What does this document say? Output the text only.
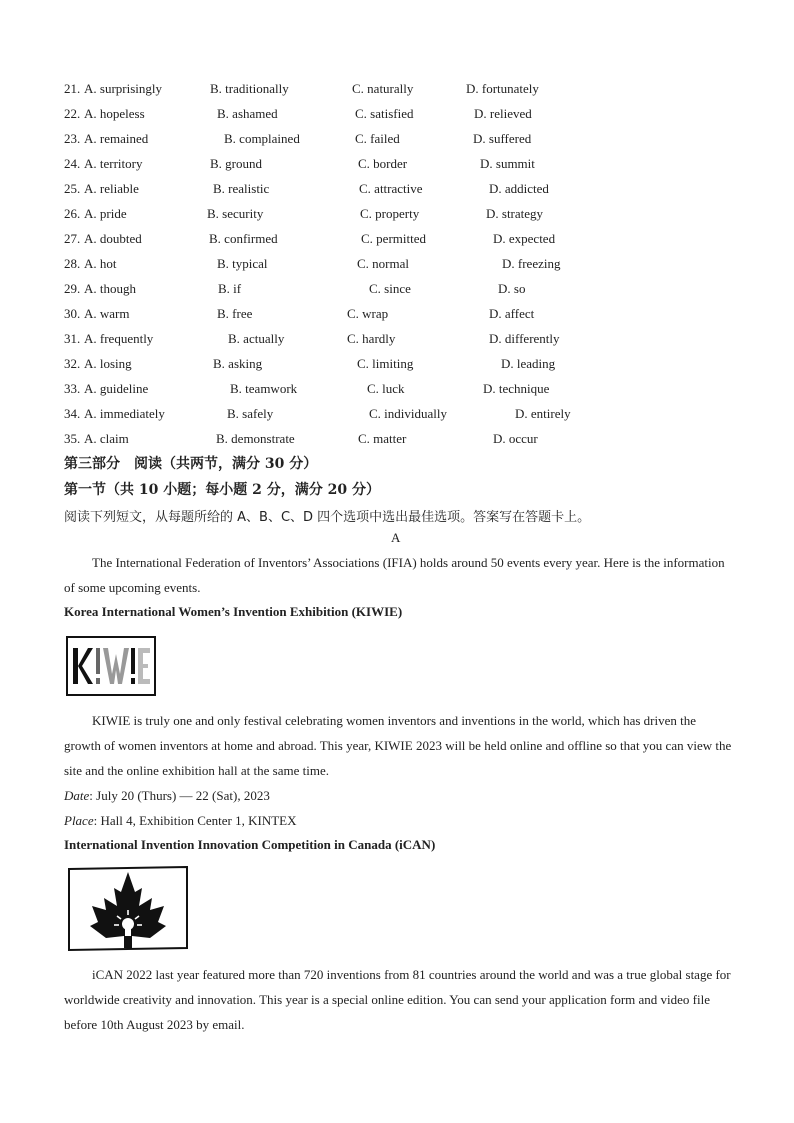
21. A. surprisingly	B. traditionally	C. naturally	D. fortunately
22. A. hopeless	B. ashamed	C. satisfied	D. relieved
23. A. remained	B. complained	C. failed	D. suffered
24. A. territory	B. ground	C. border	D. summit
25. A. reliable	B. realistic	C. attractive	D. addicted
26. A. pride	B. security	C. property	D. strategy
27. A. doubted	B. confirmed	C. permitted	D. expected
28. A. hot	B. typical	C. normal	D. freezing
29. A. though	B. if	C. since	D. so
30. A. warm	B. free	C. wrap	D. affect
31. A. frequently	B. actually	C. hardly	D. differently
32. A. losing	B. asking	C. limiting	D. leading
33. A. guideline	B. teamwork	C. luck	D. technique
34. A. immediately	B. safely	C. individually	D. entirely
35. A. claim	B. demonstrate	C. matter	D. occur
第三部分　阅读（共两节，满分 30 分）
第一节（共 10 小题；每小题 2 分，满分 20 分）
阅读下列短文，从每题所给的 A、B、C、D 四个选项中选出最佳选项。答案写在答题卡上。
A

The International Federation of Inventors’ Associations (IFIA) holds around 50 events every year. Here is the information of some upcoming events.

Korea International Women’s Invention Exhibition (KIWIE)

KIWIE is truly one and only festival celebrating women inventors and inventions in the world, which has driven the growth of women inventors at home and abroad. This year, KIWIE 2023 will be held online and offline so that you can view the site and the online exhibition hall at the same time.

Date: July 20 (Thurs) — 22 (Sat), 2023
Place: Hall 4, Exhibition Center 1, KINTEX
International Invention Innovation Competition in Canada (iCAN)

iCAN 2022 last year featured more than 720 inventions from 81 countries around the world and was a true global stage for worldwide creativity and innovation. This year is a special online edition. You can send your application form and video file before 10th August 2023 by email.
